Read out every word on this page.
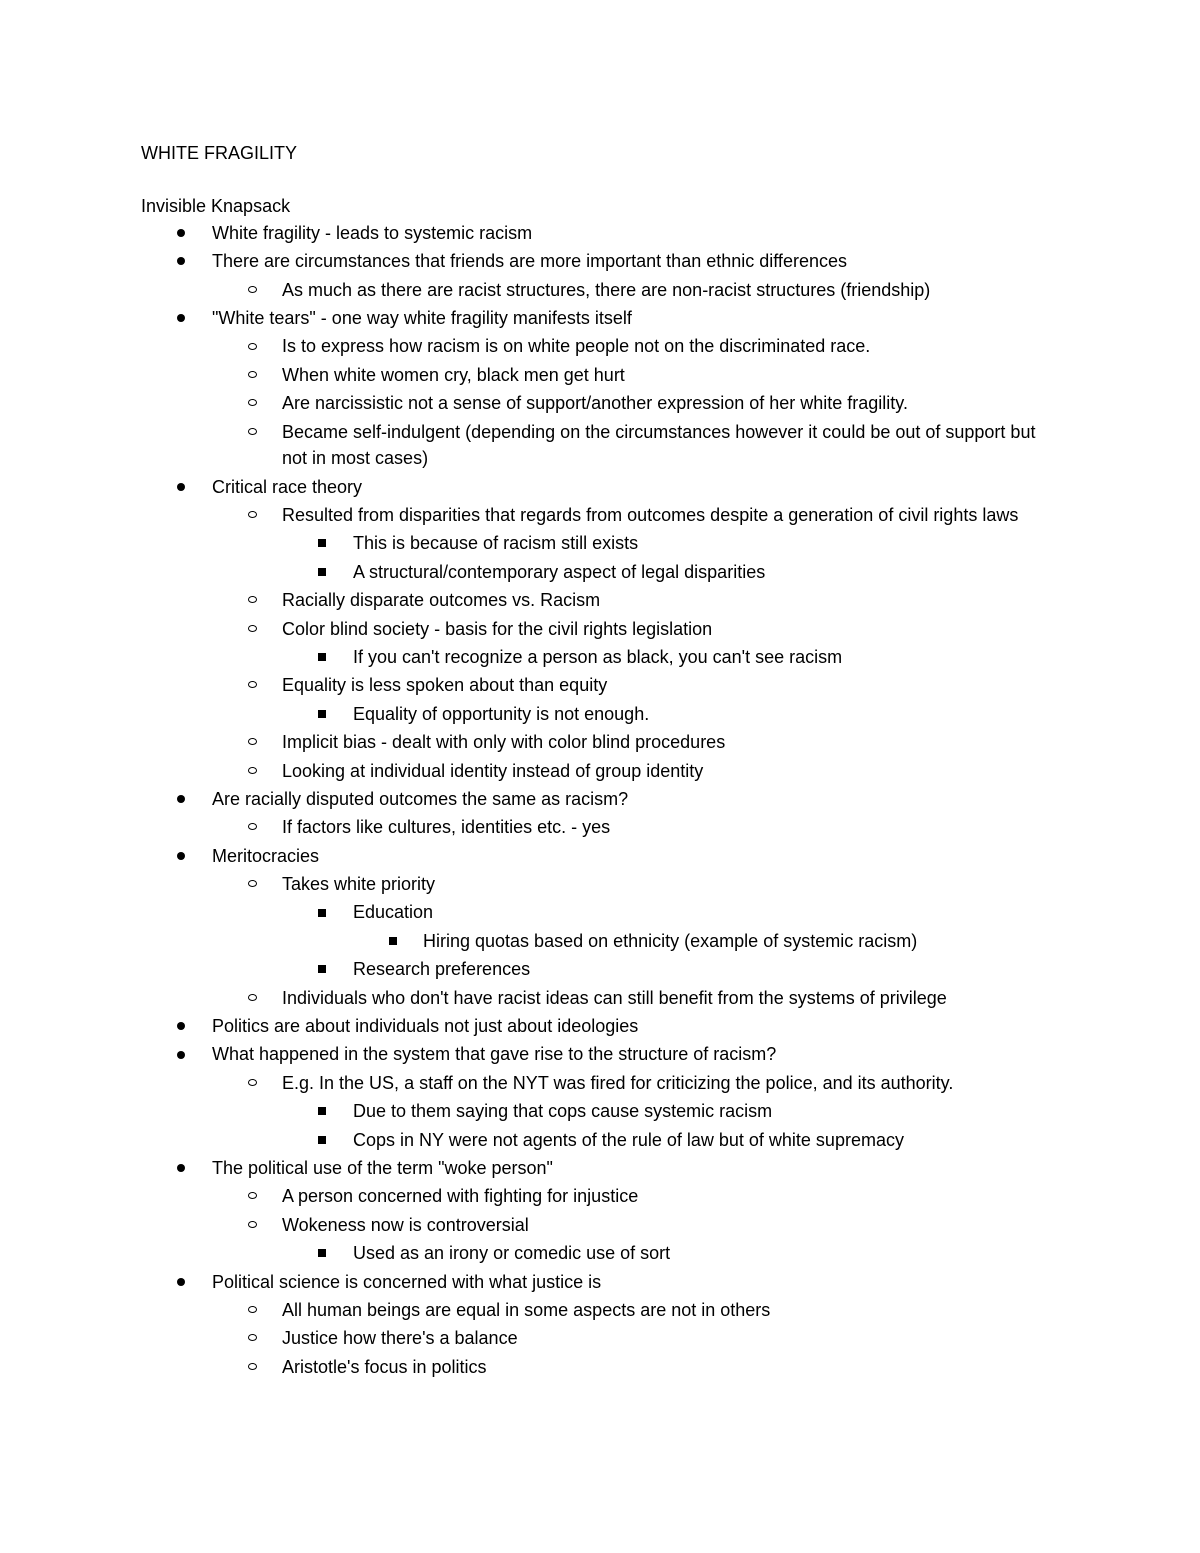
WHITE FRAGILITY
Invisible Knapsack
White fragility - leads to systemic racism
There are circumstances that friends are more important than ethnic differences
As much as there are racist structures, there are non-racist structures (friendship)
"White tears" - one way white fragility manifests itself
Is to express how racism is on white people not on the discriminated race.
When white women cry, black men get hurt
Are narcissistic not a sense of support/another expression of her white fragility.
Became self-indulgent (depending on the circumstances however it could be out of support but not in most cases)
Critical race theory
Resulted from disparities that regards from outcomes despite a generation of civil rights laws
This is because of racism still exists
A structural/contemporary aspect of legal disparities
Racially disparate outcomes vs. Racism
Color blind society - basis for the civil rights legislation
If you can't recognize a person as black, you can't see racism
Equality is less spoken about than equity
Equality of opportunity is not enough.
Implicit bias - dealt with only with color blind procedures
Looking at individual identity instead of group identity
Are racially disputed outcomes the same as racism?
If factors like cultures, identities etc. - yes
Meritocracies
Takes white priority
Education
Hiring quotas based on ethnicity (example of systemic racism)
Research preferences
Individuals who don't have racist ideas can still benefit from the systems of privilege
Politics are about individuals not just about ideologies
What happened in the system that gave rise to the structure of racism?
E.g. In the US, a staff on the NYT was fired for criticizing the police, and its authority.
Due to them saying that cops cause systemic racism
Cops in NY were not agents of the rule of law but of white supremacy
The political use of the term "woke person"
A person concerned with fighting for injustice
Wokeness now is controversial
Used as an irony or comedic use of sort
Political science is concerned with what justice is
All human beings are equal in some aspects are not in others
Justice how there's a balance
Aristotle's focus in politics
